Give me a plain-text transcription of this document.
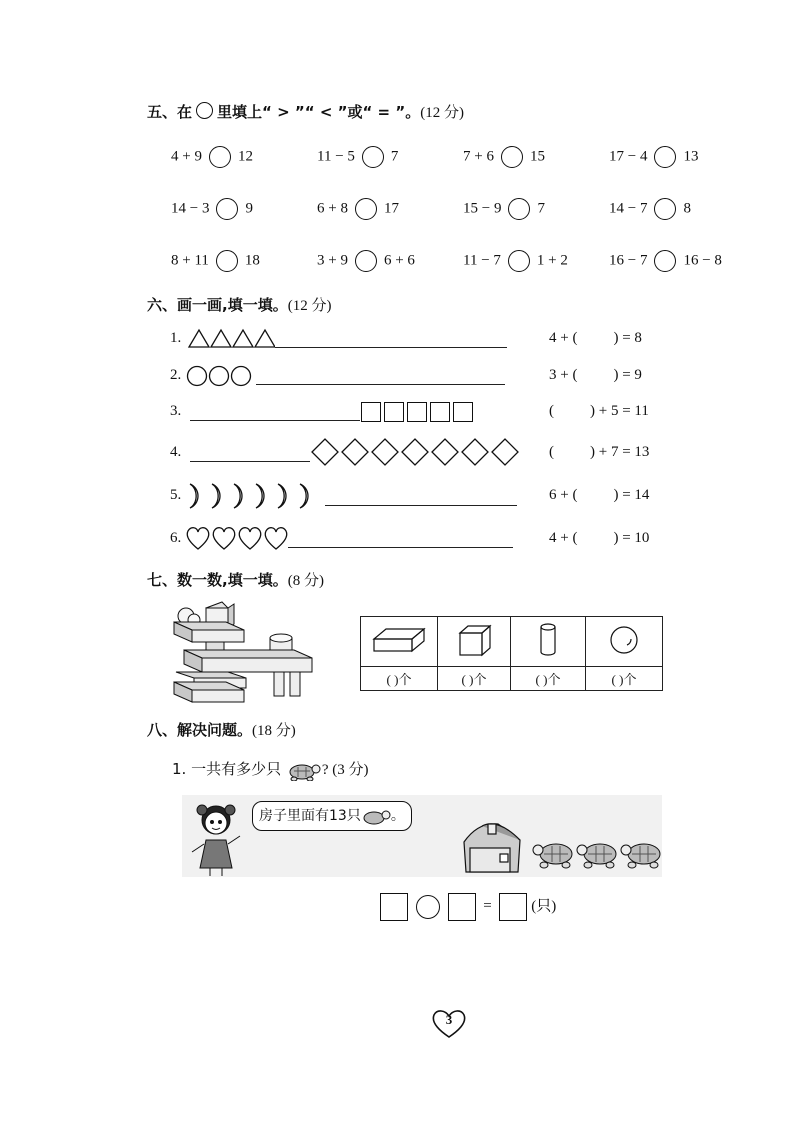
五、在 里填上“ > ”“ < ”或“ = ”。(12 分)
4 + 9 12	11 − 5 7	7 + 6 15	17 − 4 13
14 − 3 9	6 + 8 17	15 − 9 7	14 − 7 8
8 + 11 18	3 + 9 6 + 6	11 − 7 1 + 2	16 − 7 16 − 8
六、画一画,填一填。(12 分)
1.
2.
3.
4.
5.
6.
4 + ( ) = 8
3 + ( ) = 9
( ) + 5 = 11
( ) + 7 = 13
6 + ( ) = 14
4 + ( ) = 10
七、数一数,填一填。(8 分)

( )个	( )个	( )个	( )个
八、解决问题。(18 分)
1. 一共有多少只	? (3 分)
房子里面有13只 。
=	(只)
3
